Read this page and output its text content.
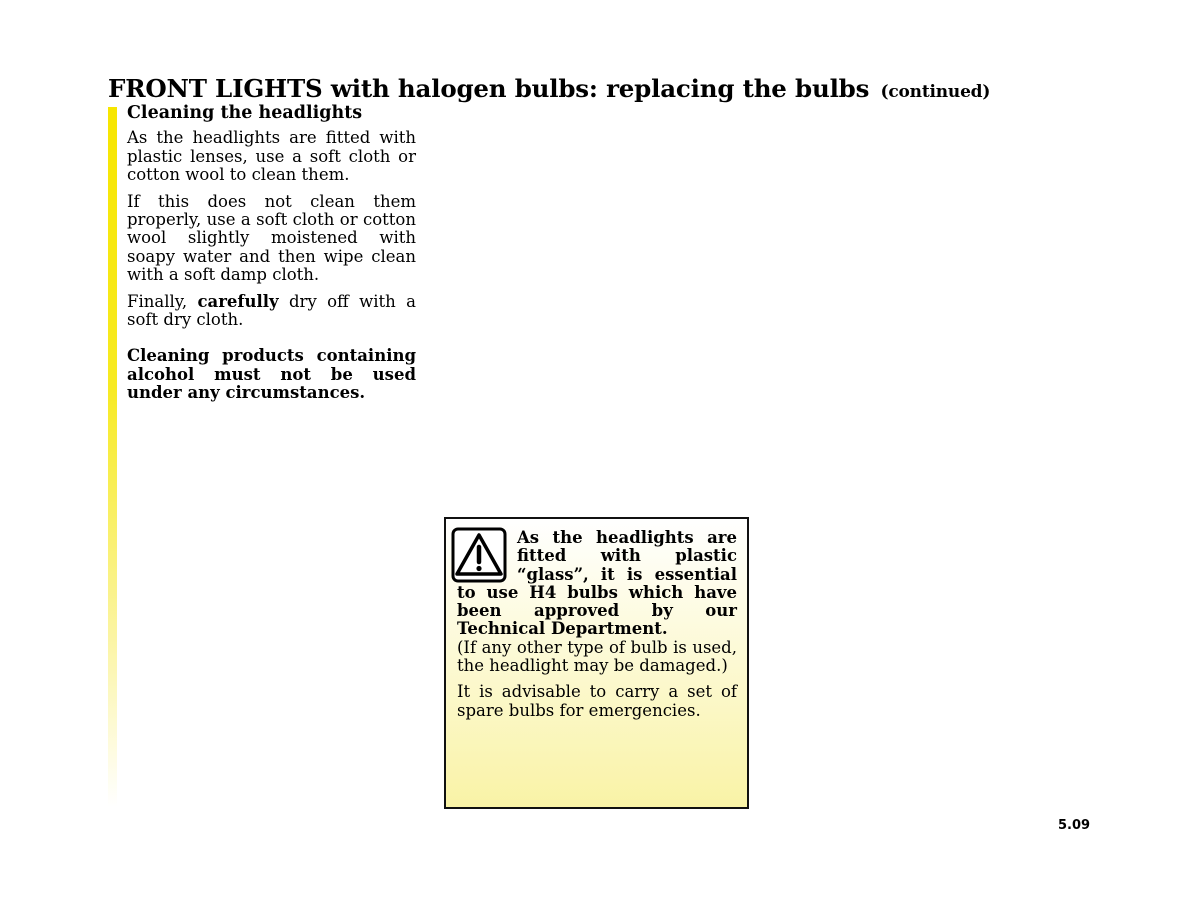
FRONT LIGHTS with halogen bulbs: replacing the bulbs (continued)
Cleaning the headlights

As the headlights are fitted with plastic lenses, use a soft cloth or cotton wool to clean them.

If this does not clean them properly, use a soft cloth or cotton wool slightly moistened with soapy water and then wipe clean with a soft damp cloth.

Finally, carefully dry off with a soft dry cloth.

Cleaning products containing alcohol must not be used under any circumstances.

As the headlights are fitted with plastic “glass”, it is essential to use H4 bulbs which have been approved by our Technical Department.

(If any other type of bulb is used, the headlight may be damaged.)

It is advisable to carry a set of spare bulbs for emergencies.

5.09
